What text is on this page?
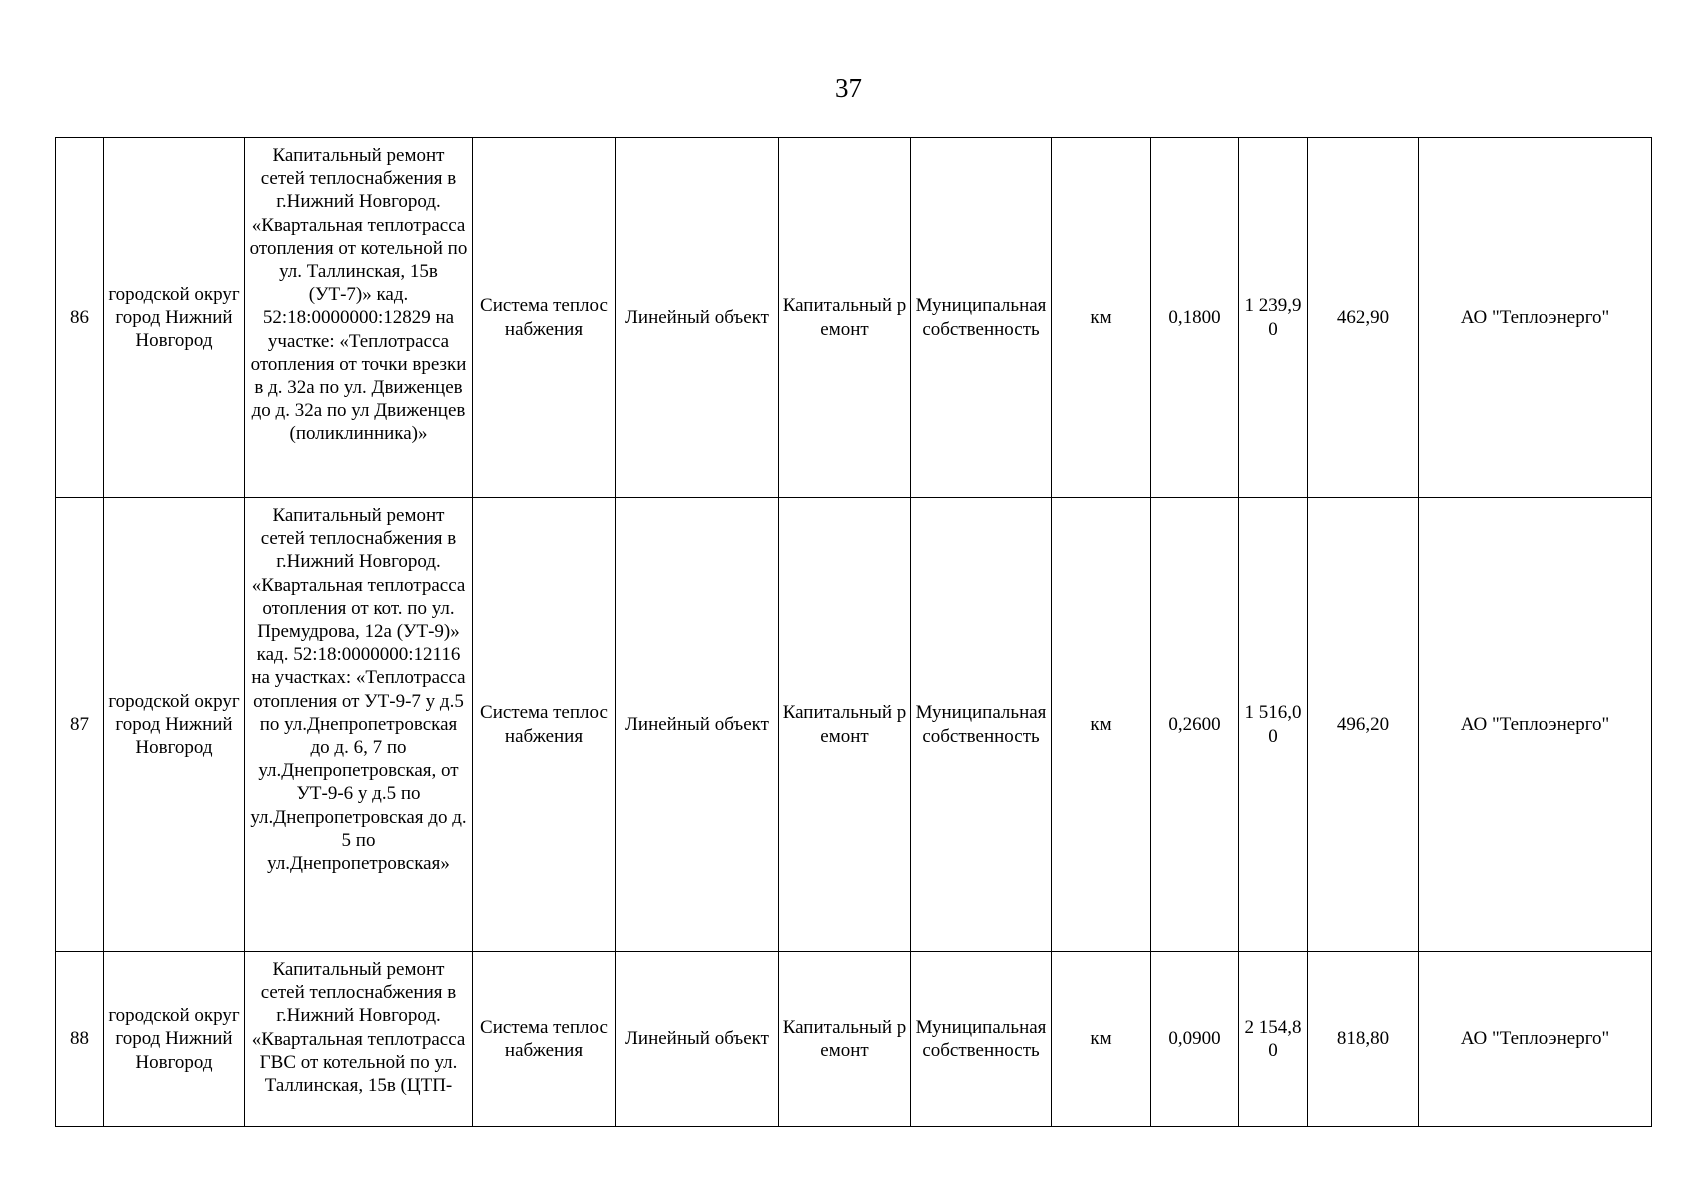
37
86	городской округ город Нижний Новгород	Капитальный ремонт сетей теплоснабжения в г.Нижний Новгород. «Квартальная теплотрасса отопления от котельной по ул. Таллинская, 15в (УТ-7)» кад. 52:18:0000000:12829 на участке: «Теплотрасса отопления от точки врезки в д. 32а по ул. Движенцев до д. 32а по ул Движенцев (поликлинника)»	Система теплоснабжения	Линейный объект	Капитальный ремонт	Муниципальная собственность	км	0,1800	1 239,90	462,90	АО "Теплоэнерго"
87	городской округ город Нижний Новгород	Капитальный ремонт сетей теплоснабжения в г.Нижний Новгород. «Квартальная теплотрасса отопления от кот. по ул. Премудрова, 12а (УТ-9)» кад. 52:18:0000000:12116 на участках: «Теплотрасса отопления от УТ-9-7 у д.5 по ул.Днепропетровская до д. 6, 7 по ул.Днепропетровская, от УТ-9-6 у д.5 по ул.Днепропетровская до д. 5 по ул.Днепропетровская»	Система теплоснабжения	Линейный объект	Капитальный ремонт	Муниципальная собственность	км	0,2600	1 516,00	496,20	АО "Теплоэнерго"
88	городской округ город Нижний Новгород	Капитальный ремонт сетей теплоснабжения в г.Нижний Новгород. «Квартальная теплотрасса ГВС от котельной по ул. Таллинская, 15в (ЦТП-	Система теплоснабжения	Линейный объект	Капитальный ремонт	Муниципальная собственность	км	0,0900	2 154,80	818,80	АО "Теплоэнерго"
